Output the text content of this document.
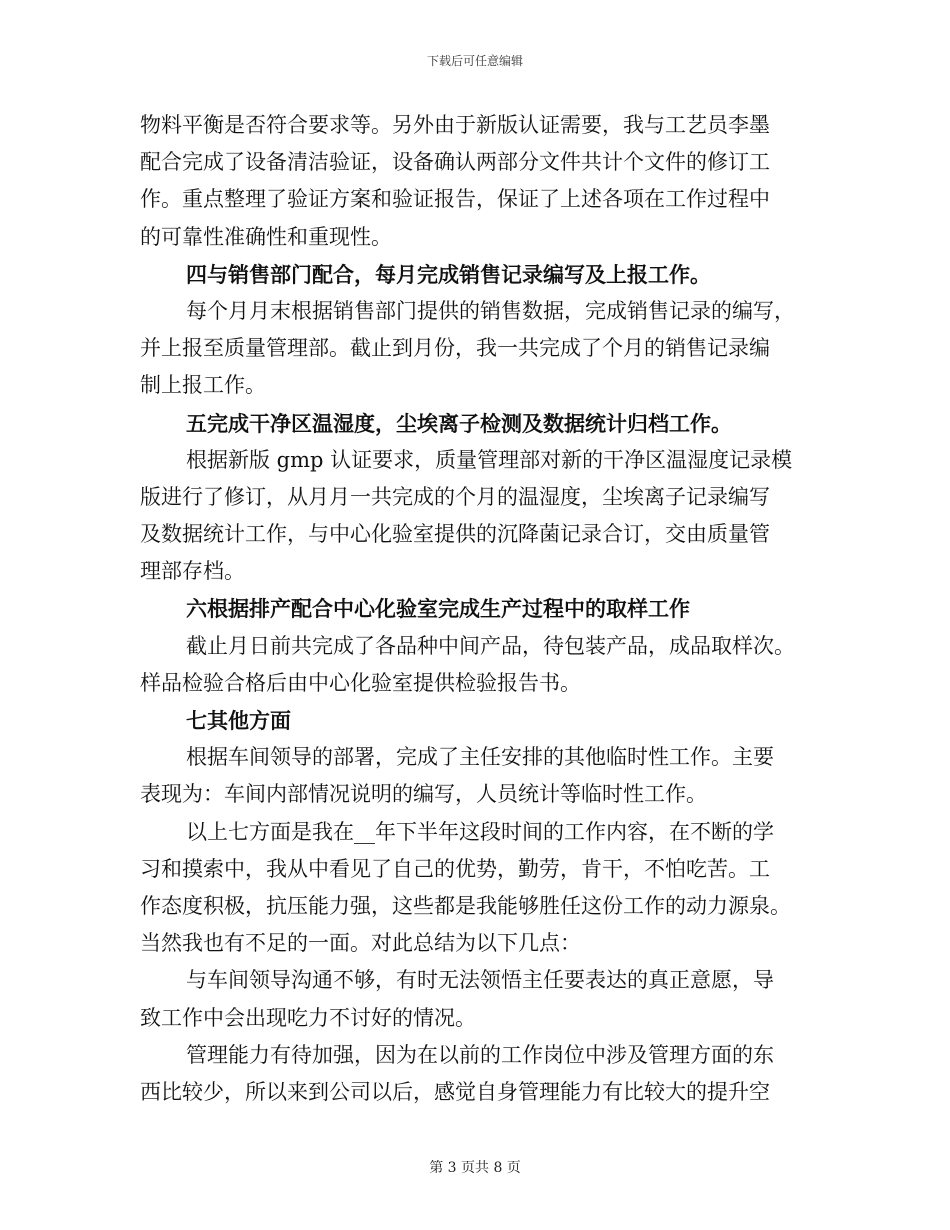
下载后可任意编辑
物料平衡是否符合要求等。另外由于新版认证需要，我与工艺员李墨
配合完成了设备清洁验证，设备确认两部分文件共计个文件的修订工
作。重点整理了验证方案和验证报告，保证了上述各项在工作过程中
的可靠性准确性和重现性。
四与销售部门配合，每月完成销售记录编写及上报工作。
每个月月末根据销售部门提供的销售数据，完成销售记录的编写，
并上报至质量管理部。截止到月份，我一共完成了个月的销售记录编
制上报工作。
五完成干净区温湿度，尘埃离子检测及数据统计归档工作。
根据新版 gmp 认证要求，质量管理部对新的干净区温湿度记录模
版进行了修订，从月月一共完成的个月的温湿度，尘埃离子记录编写
及数据统计工作，与中心化验室提供的沉降菌记录合订，交由质量管
理部存档。
六根据排产配合中心化验室完成生产过程中的取样工作
截止月日前共完成了各品种中间产品，待包装产品，成品取样次。
样品检验合格后由中心化验室提供检验报告书。
七其他方面
根据车间领导的部署，完成了主任安排的其他临时性工作。主要
表现为：车间内部情况说明的编写，人员统计等临时性工作。
以上七方面是我在__年下半年这段时间的工作内容，在不断的学
习和摸索中，我从中看见了自己的优势，勤劳，肯干，不怕吃苦。工
作态度积极，抗压能力强，这些都是我能够胜任这份工作的动力源泉。
当然我也有不足的一面。对此总结为以下几点：
与车间领导沟通不够，有时无法领悟主任要表达的真正意愿，导
致工作中会出现吃力不讨好的情况。
管理能力有待加强，因为在以前的工作岗位中涉及管理方面的东
西比较少，所以来到公司以后，感觉自身管理能力有比较大的提升空
第 3 页共 8 页
